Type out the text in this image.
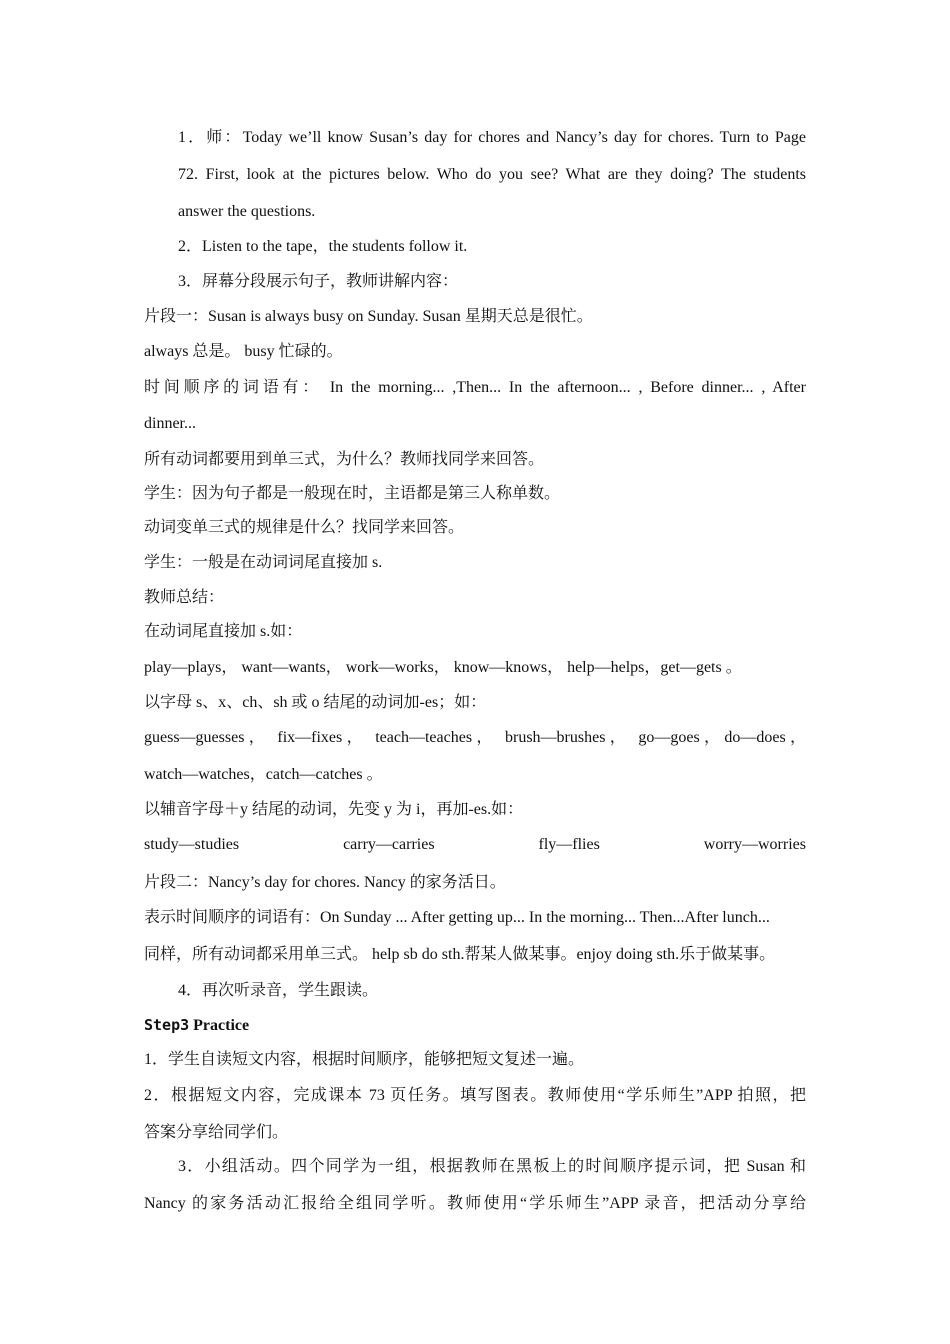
1．师：Today we’ll know Susan’s day for chores and Nancy’s day for chores. Turn to Page
72. First, look at the pictures below. Who do you see? What are they doing? The students
answer the questions.
2．Listen to the tape，the students follow it.
3．屏幕分段展示句子，教师讲解内容：
片段一：Susan is always busy on Sunday. Susan 星期天总是很忙。
always 总是。 busy 忙碌的。
时间顺序的词语有： In the morning... ,Then... In the afternoon... , Before dinner... , After
dinner...
所有动词都要用到单三式，为什么？教师找同学来回答。
学生：因为句子都是一般现在时，主语都是第三人称单数。
动词变单三式的规律是什么？找同学来回答。
学生：一般是在动词词尾直接加 s.
教师总结：
在动词尾直接加 s.如：
play—plays， want—wants， work—works， know—knows， help—helps，get—gets 。
以字母 s、x、ch、sh 或 o 结尾的动词加-es；如：
guess—guesses， fix—fixes， teach—teaches， brush—brushes， go—goes，do—does，
watch—watches，catch—catches 。
以辅音字母＋y 结尾的动词，先变 y 为 i，再加-es.如：
study—studies	carry—carries	fly—flies	worry—worries
片段二：Nancy’s day for chores. Nancy 的家务活日。
表示时间顺序的词语有：On Sunday ... After getting up... In the morning... Then...After lunch...
同样，所有动词都采用单三式。 help sb do sth.帮某人做某事。enjoy doing sth.乐于做某事。
4．再次听录音，学生跟读。
Step3 Practice
1．学生自读短文内容，根据时间顺序，能够把短文复述一遍。
2．根据短文内容，完成课本 73 页任务。填写图表。教师使用“学乐师生”APP 拍照，把
答案分享给同学们。
3．小组活动。四个同学为一组，根据教师在黑板上的时间顺序提示词，把 Susan 和
Nancy 的家务活动汇报给全组同学听。教师使用“学乐师生”APP 录音，把活动分享给
